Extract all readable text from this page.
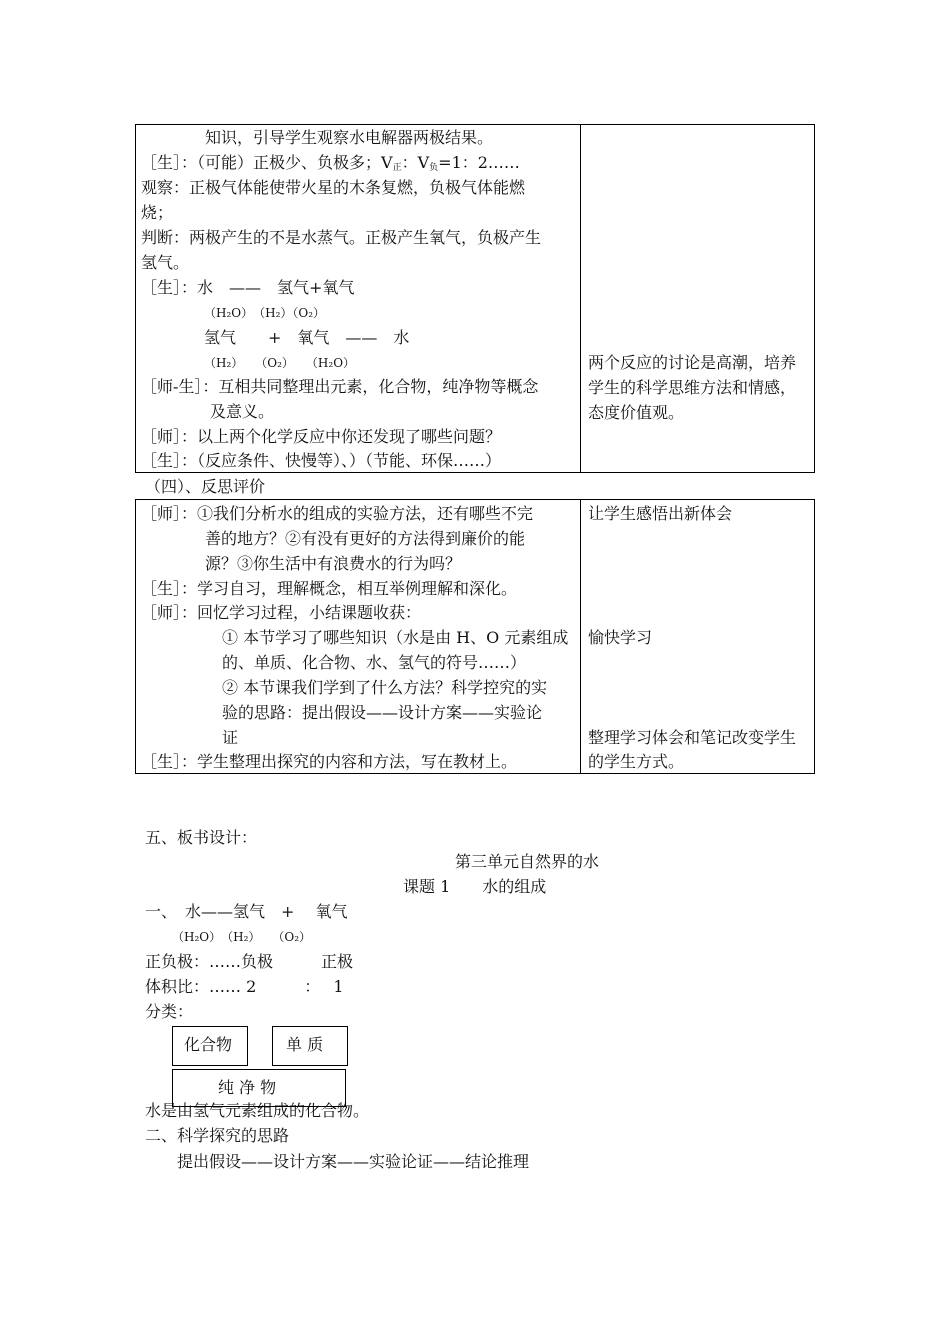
知识，引导学生观察水电解器两极结果。
［生］：（可能）正极少、负极多；$V_正$：$V_负=1$：2……
观察：正极气体能使带火星的木条复燃，负极气体能燃
烧；
判断：两极产生的不是水蒸气。正极产生氧气，负极产生
氢气。
［生］：水　——　氢气+氧气
（H₂O）　（H₂）（O₂）
氢气　　+　氧气　——　水
（H₂）　　（O₂）　　（H₂O）
［师-生］：互相共同整理出元素，化合物，纯净物等概念
及意义。
［师］：以上两个化学反应中你还发现了哪些问题？
［生］：（反应条件、快慢等）、）（节能、环保……）
两个反应的讨论是高潮，培养
学生的科学思维方法和情感，
态度价值观。
（四）、反思评价
［师］：①我们分析水的组成的实验方法，还有哪些不完
善的地方？②有没有更好的方法得到廉价的能
源？③你生活中有浪费水的行为吗？
［生］：学习自习，理解概念，相互举例理解和深化。
［师］：回忆学习过程，小结课题收获：
① 本节学习了哪些知识（水是由 H、O 元素组成
的、单质、化合物、水、氢气的符号……）
② 本节课我们学到了什么方法？科学控究的实
验的思路：提出假设——设计方案——实验论
证
［生］：学生整理出探究的内容和方法，写在教材上。
让学生感悟出新体会
愉快学习
整理学习体会和笔记改变学生
的学生方式。
五、板书设计：
第三单元自然界的水
课题 1　　水的组成
一、　水——氢气　+　 氧气
（H₂O）　（H₂）　　（O₂）
正负极：……负极　　　正极
体积比：…… 2　　　：　 1
分类：
化合物	单 质
水是由氢气元素组成的化合物。
纯 净 物
二、科学探究的思路
提出假设——设计方案——实验论证——结论推理
